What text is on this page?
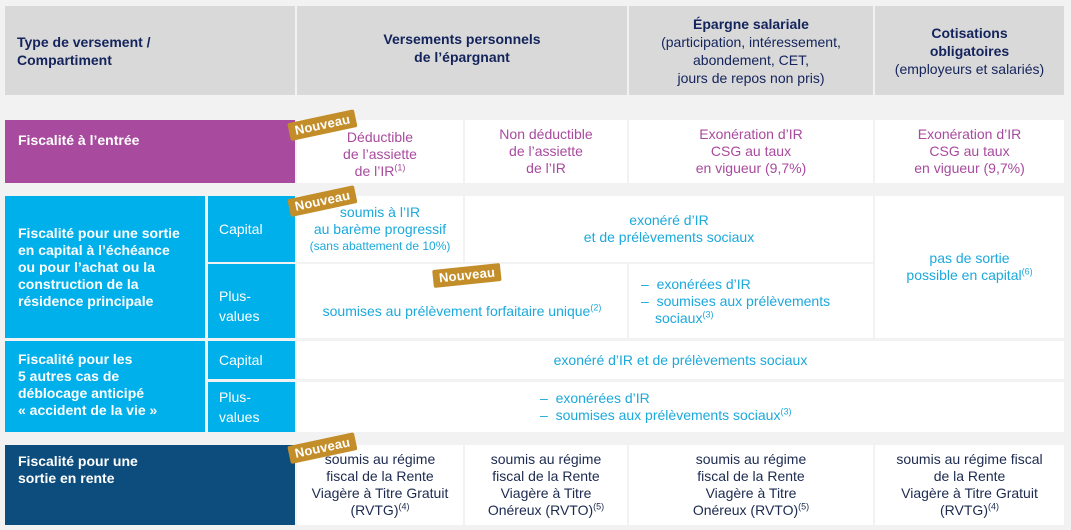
Type de versement /
Compartiment
Versements personnels
de l’épargnant
Épargne salariale
(participation, intéressement,
abondement, CET,
jours de repos non pris)
Cotisations
obligatoires
(employeurs et salariés)
Fiscalité à l’entrée	Déductible
de l’assiette
de l’IR$^{(1)}$
Non déductible
de l’assiette
de l’IR
Exonération d’IR
CSG au taux
en vigueur (9,7%)
Exonération d’IR
CSG au taux
en vigueur (9,7%)
Nouveau
Fiscalité pour une sortie
en capital à l’échéance
ou pour l’achat ou la
construction de la
résidence principale
Capital
Plus-
values
soumis à l’IR
au barème progressif
(sans abattement de 10%)
exonéré d’IR
et de prélèvements sociaux
soumises au prélèvement forfaitaire unique$^{(2)}$
–  exonérées d’IR
–  soumises aux prélèvements sociaux$^{(3)}$
pas de sortie
possible en capital$^{(6)}$
Nouveau
Nouveau
Fiscalité pour les
5 autres cas de
déblocage anticipé
« accident de la vie »
Capital
Plus-
values
exonéré d’IR et de prélèvements sociaux
–  exonérées d’IR
–  soumises aux prélèvements sociaux$^{(3)}$
Fiscalité pour une
sortie en rente
soumis au régime
fiscal de la Rente
Viagère à Titre Gratuit
(RVTG)$^{(4)}$
soumis au régime
fiscal de la Rente
Viagère à Titre
Onéreux (RVTO)$^{(5)}$
soumis au régime
fiscal de la Rente
Viagère à Titre
Onéreux (RVTO)$^{(5)}$
soumis au régime fiscal
de la Rente
Viagère à Titre Gratuit
(RVTG)$^{(4)}$
Nouveau
